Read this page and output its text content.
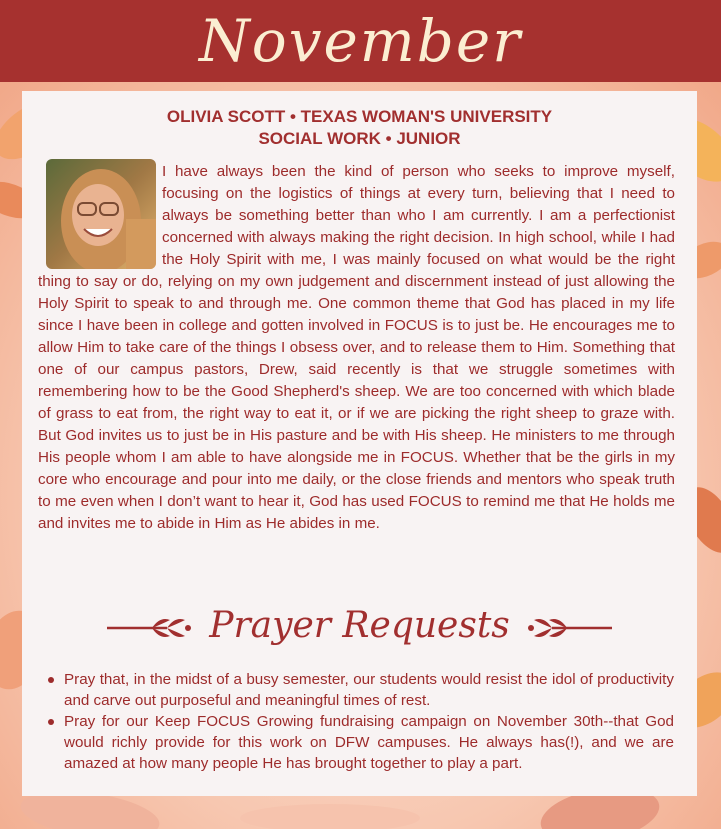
November
OLIVIA SCOTT • TEXAS WOMAN'S UNIVERSITY
SOCIAL WORK • JUNIOR

I have always been the kind of person who seeks to improve myself, focusing on the logistics of things at every turn, believing that I need to always be something better than who I am currently. I am a perfectionist concerned with always making the right decision. In high school, while I had the Holy Spirit with me, I was mainly focused on what would be the right thing to say or do, relying on my own judgement and discernment instead of just allowing the Holy Spirit to speak to and through me. One common theme that God has placed in my life since I have been in college and gotten involved in FOCUS is to just be. He encourages me to allow Him to take care of the things I obsess over, and to release them to Him. Something that one of our campus pastors, Drew, said recently is that we struggle sometimes with remembering how to be the Good Shepherd's sheep. We are too concerned with which blade of grass to eat from, the right way to eat it, or if we are picking the right sheep to graze with. But God invites us to just be in His pasture and be with His sheep. He ministers to me through His people whom I am able to have alongside me in FOCUS. Whether that be the girls in my core who encourage and pour into me daily, or the close friends and mentors who speak truth to me even when I don’t want to hear it, God has used FOCUS to remind me that He holds me and invites me to abide in Him as He abides in me.

Prayer Requests
Pray that, in the midst of a busy semester, our students would resist the idol of productivity and carve out purposeful and meaningful times of rest.
Pray for our Keep FOCUS Growing fundraising campaign on November 30th--that God would richly provide for this work on DFW campuses. He always has(!), and we are amazed at how many people He has brought together to play a part.
